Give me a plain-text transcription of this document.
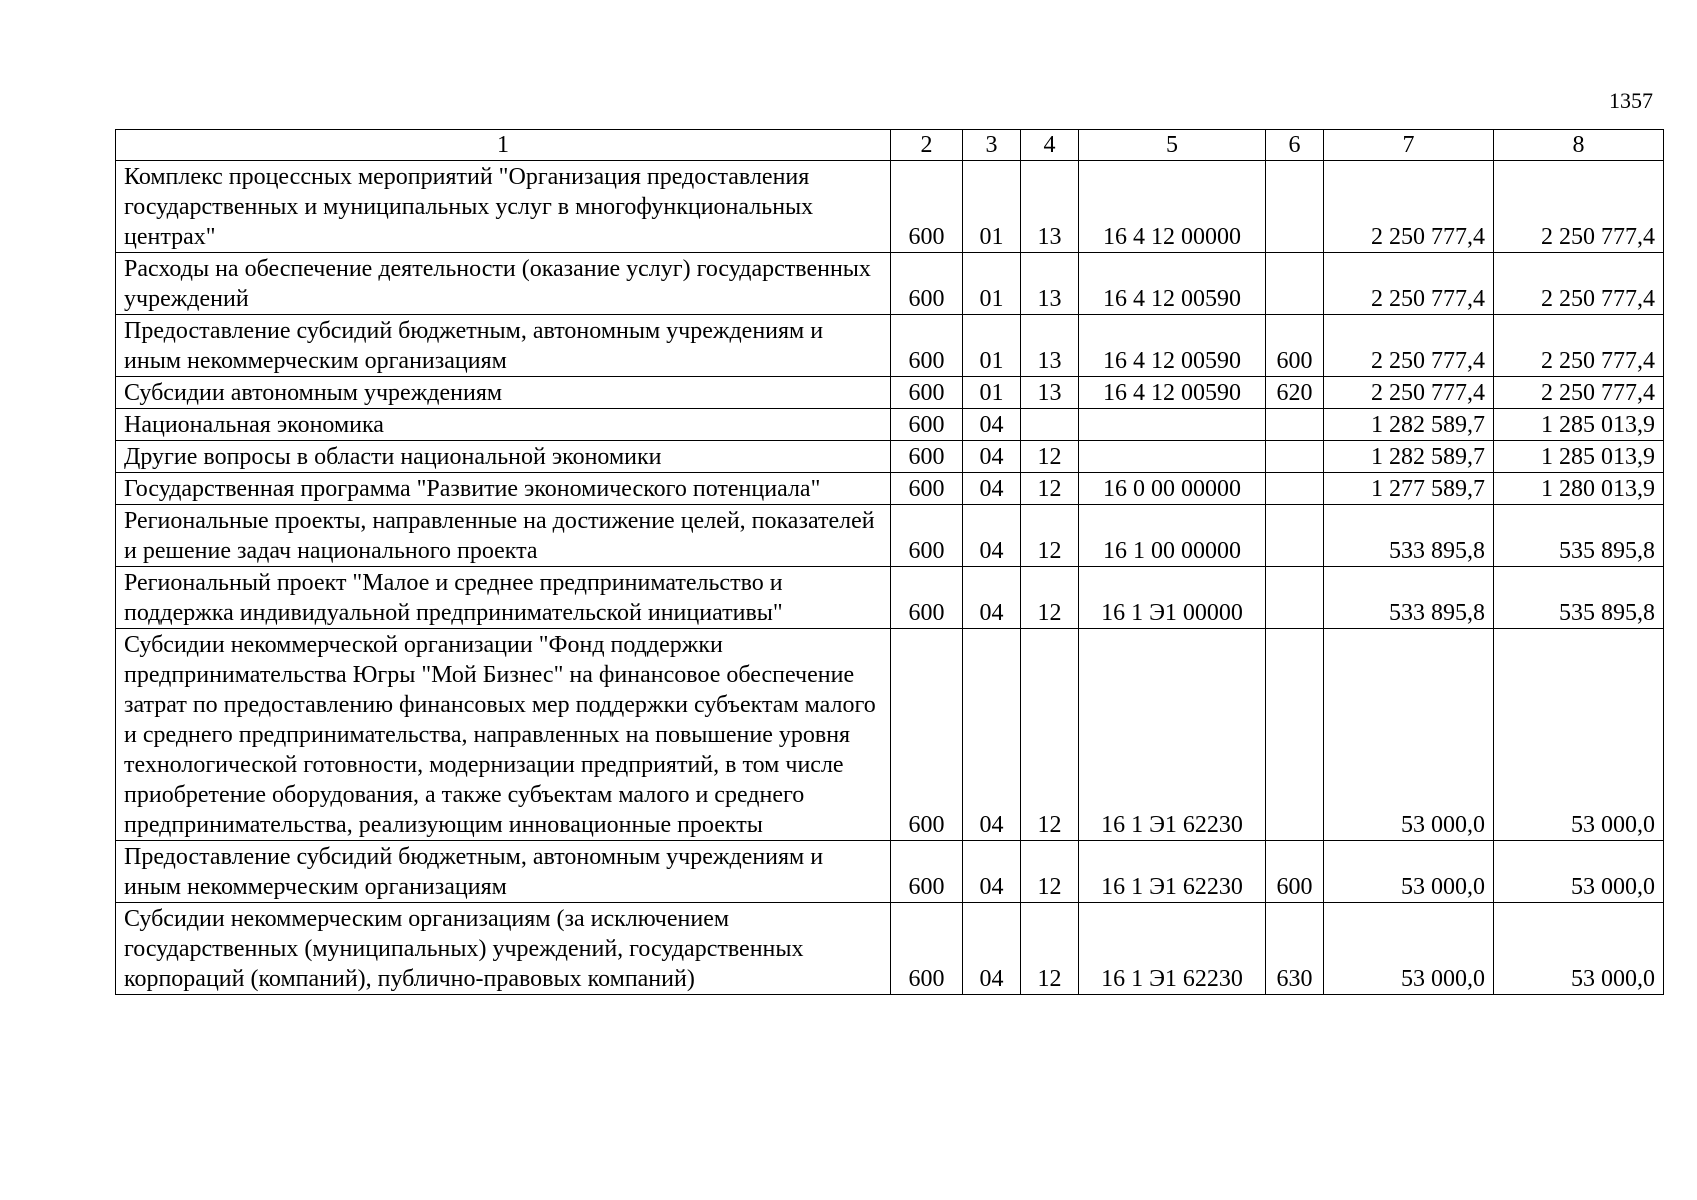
1357
1	2	3	4	5	6	7	8
Комплекс процессных мероприятий "Организация предоставления государственных и муниципальных услуг в многофункциональных центрах"	600	01	13	16 4 12 00000		2 250 777,4	2 250 777,4
Расходы на обеспечение деятельности (оказание услуг) государственных учреждений	600	01	13	16 4 12 00590		2 250 777,4	2 250 777,4
Предоставление субсидий бюджетным, автономным учреждениям и иным некоммерческим организациям	600	01	13	16 4 12 00590	600	2 250 777,4	2 250 777,4
Субсидии автономным учреждениям	600	01	13	16 4 12 00590	620	2 250 777,4	2 250 777,4
Национальная экономика	600	04				1 282 589,7	1 285 013,9
Другие вопросы в области национальной экономики	600	04	12			1 282 589,7	1 285 013,9
Государственная программа "Развитие экономического потенциала"	600	04	12	16 0 00 00000		1 277 589,7	1 280 013,9
Региональные проекты, направленные на достижение целей, показателей и решение задач национального проекта	600	04	12	16 1 00 00000		533 895,8	535 895,8
Региональный проект "Малое и среднее предпринимательство и поддержка индивидуальной предпринимательской инициативы"	600	04	12	16 1 Э1 00000		533 895,8	535 895,8
Субсидии некоммерческой организации "Фонд поддержки предпринимательства Югры "Мой Бизнес" на финансовое обеспечение затрат по предоставлению финансовых мер поддержки субъектам малого и среднего предпринимательства, направленных на повышение уровня технологической готовности, модернизации предприятий, в том числе приобретение оборудования, а также субъектам малого и среднего предпринимательства, реализующим инновационные проекты	600	04	12	16 1 Э1 62230		53 000,0	53 000,0
Предоставление субсидий бюджетным, автономным учреждениям и иным некоммерческим организациям	600	04	12	16 1 Э1 62230	600	53 000,0	53 000,0
Субсидии некоммерческим организациям (за исключением государственных (муниципальных) учреждений, государственных корпораций (компаний), публично-правовых компаний)	600	04	12	16 1 Э1 62230	630	53 000,0	53 000,0
